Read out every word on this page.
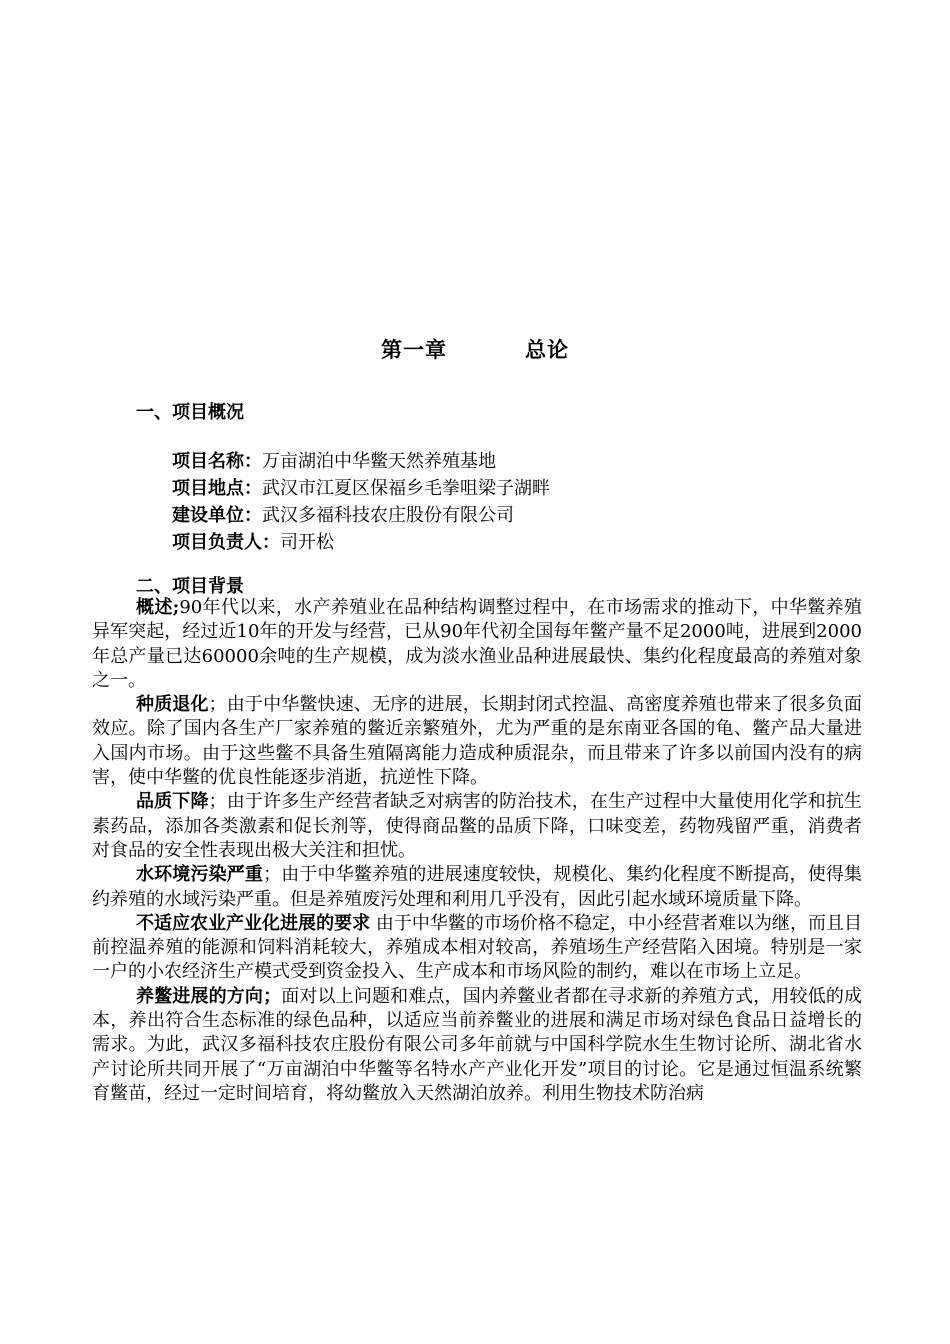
第一章	总论
一、项目概况
项目名称：万亩湖泊中华鳖天然养殖基地
项目地点：武汉市江夏区保福乡毛拳咀梁子湖畔
建设单位：武汉多福科技农庄股份有限公司
项目负责人：司开松
二、项目背景

概述;90年代以来，水产养殖业在品种结构调整过程中，在市场需求的推动下，中华鳖养殖异军突起，经过近10年的开发与经营，已从90年代初全国每年鳖产量不足2000吨，进展到2000年总产量已达60000余吨的生产规模，成为淡水渔业品种进展最快、集约化程度最高的养殖对象之一。

种质退化；由于中华鳖快速、无序的进展，长期封闭式控温、高密度养殖也带来了很多负面效应。除了国内各生产厂家养殖的鳖近亲繁殖外，尤为严重的是东南亚各国的龟、鳖产品大量进入国内市场。由于这些鳖不具备生殖隔离能力造成种质混杂，而且带来了许多以前国内没有的病害，使中华鳖的优良性能逐步消逝，抗逆性下降。

品质下降；由于许多生产经营者缺乏对病害的防治技术，在生产过程中大量使用化学和抗生素药品，添加各类激素和促长剂等，使得商品鳖的品质下降，口味变差，药物残留严重，消费者对食品的安全性表现出极大关注和担忧。

水环境污染严重；由于中华鳖养殖的进展速度较快，规模化、集约化程度不断提高，使得集约养殖的水域污染严重。但是养殖废污处理和利用几乎没有，因此引起水域环境质量下降。

不适应农业产业化进展的要求 由于中华鳖的市场价格不稳定，中小经营者难以为继，而且目前控温养殖的能源和饲料消耗较大，养殖成本相对较高，养殖场生产经营陷入困境。特别是一家一户的小农经济生产模式受到资金投入、生产成本和市场风险的制约，难以在市场上立足。

养鳖进展的方向；面对以上问题和难点，国内养鳖业者都在寻求新的养殖方式，用较低的成本，养出符合生态标准的绿色品种，以适应当前养鳖业的进展和满足市场对绿色食品日益增长的需求。为此，武汉多福科技农庄股份有限公司多年前就与中国科学院水生生物讨论所、湖北省水产讨论所共同开展了“万亩湖泊中华鳖等名特水产产业化开发”项目的讨论。它是通过恒温系统繁育鳖苗，经过一定时间培育，将幼鳖放入天然湖泊放养。利用生物技术防治病
